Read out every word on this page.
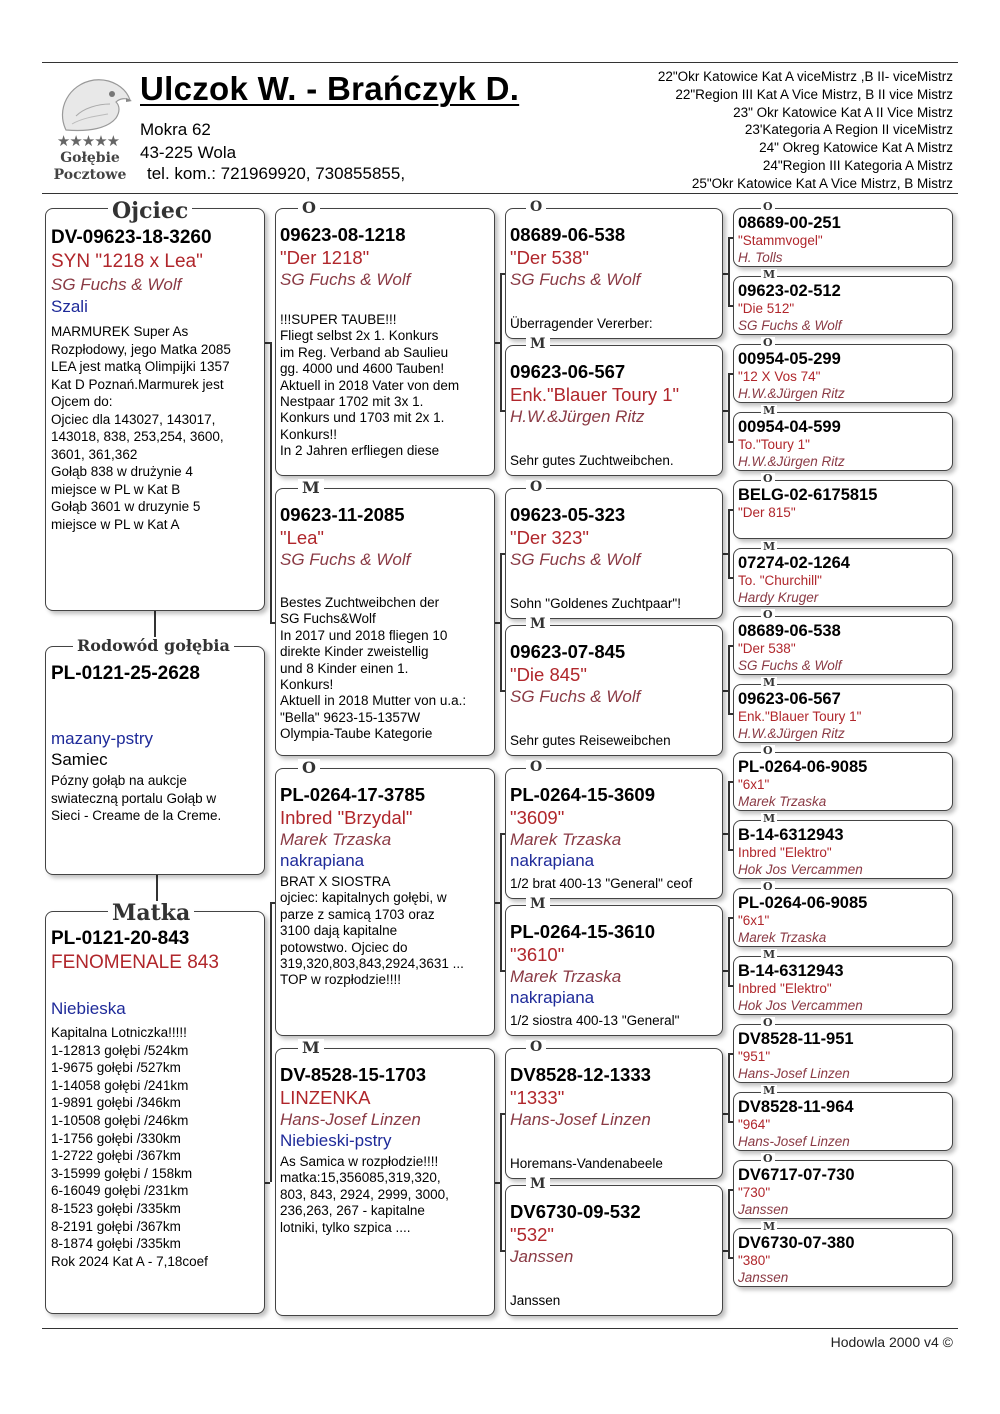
★★★★★
Gołębie
Pocztowe
Ulczok W. - Brańczyk D.
Mokra 62
43-225 Wola
tel. kom.: 721969920, 730855855,
22"Okr Katowice Kat A viceMistrz ,B II- viceMistrz
22"Region III Kat A Vice Mistrz, B II vice Mistrz
23" Okr Katowice Kat A II Vice Mistrz
23'Kategoria A Region II viceMistrz
24" Okreg Katowice Kat A Mistrz
24"Region III Kategoria A Mistrz
25"Okr Katowice Kat A Vice Mistrz, B Mistrz
DV-09623-18-3260
SYN "1218 x Lea"
SG Fuchs & Wolf
Szali
MARMUREK Super As
Rozpłodowy, jego Matka 2085
LEA jest matką Olimpijki 1357
Kat D Poznań.Marmurek jest
Ojcem do:
Ojciec dla 143027, 143017,
143018, 838, 253,254, 3600,
3601, 361,362
Gołąb 838 w drużynie 4
miejsce w PL w Kat B
Gołąb 3601 w druzynie 5
miejsce w PL w Kat A
Ojciec
PL-0121-25-2628
mazany-pstry
Samiec
Pózny gołąb na aukcje
swiateczną portalu Gołąb w
Sieci - Creame de la Creme.
Rodowód gołębia
PL-0121-20-843
FENOMENALE 843
Niebieska
Kapitalna Lotniczka!!!!!
1-12813 gołębi /524km
1-9675 gołębi /527km
1-14058 gołębi /241km
1-9891 gołębi /346km
1-10508 gołębi /246km
1-1756 gołębi /330km
1-2722 gołębi /367km
3-15999 gołębi / 158km
6-16049 gołębi /231km
8-1523 gołębi /335km
8-2191 gołębi /367km
8-1874 gołębi /335km
Rok 2024 Kat A - 7,18coef
Matka
09623-08-1218
"Der 1218"
SG Fuchs & Wolf
!!!SUPER TAUBE!!!
Fliegt selbst 2x 1. Konkurs
im Reg. Verband ab Saulieu
gg. 4000 und 4600 Tauben!
Aktuell in 2018 Vater von dem
Nestpaar 1702 mit 3x 1.
Konkurs und 1703 mit 2x 1.
Konkurs!!
In 2 Jahren erfliegen diese
O
09623-11-2085
"Lea"
SG Fuchs & Wolf
Bestes Zuchtweibchen der
SG Fuchs&Wolf
In 2017 und 2018 fliegen 10
direkte Kinder zweistellig
und 8 Kinder einen 1.
Konkurs!
Aktuell in 2018 Mutter von u.a.:
"Bella" 9623-15-1357W
Olympia-Taube Kategorie
M
PL-0264-17-3785
Inbred "Brzydal"
Marek Trzaska
nakrapiana
BRAT X SIOSTRA
ojciec: kapitalnych gołębi, w
parze z samicą 1703 oraz
3100 dają kapitalne
potowstwo. Ojciec do
319,320,803,843,2924,3631 ...
TOP w rozpłodzie!!!!
O
DV-8528-15-1703
LINZENKA
Hans-Josef Linzen
Niebieski-pstry
As Samica w rozpłodzie!!!!
matka:15,356085,319,320,
803, 843, 2924, 2999, 3000,
236,263, 267 - kapitalne
lotniki, tylko szpica ....
M
08689-06-538
"Der 538"
SG Fuchs & Wolf
Überragender Vererber:
O
09623-06-567
Enk."Blauer Toury 1"
H.W.&Jürgen Ritz
Sehr gutes Zuchtweibchen.
M
09623-05-323
"Der 323"
SG Fuchs & Wolf
Sohn "Goldenes Zuchtpaar"!
O
09623-07-845
"Die 845"
SG Fuchs & Wolf
Sehr gutes Reiseweibchen
M
PL-0264-15-3609
"3609"
Marek Trzaska
nakrapiana
1/2 brat 400-13 "General" ceof
O
PL-0264-15-3610
"3610"
Marek Trzaska
nakrapiana
1/2 siostra 400-13 "General"
M
DV8528-12-1333
"1333"
Hans-Josef Linzen
Horemans-Vandenabeele
O
DV6730-09-532
"532"
Janssen
Janssen
M
08689-00-251
"Stammvogel"
H. Tolls
O
09623-02-512
"Die 512"
SG Fuchs & Wolf
M
00954-05-299
"12 X Vos 74"
H.W.&Jürgen Ritz
O
00954-04-599
To."Toury 1"
H.W.&Jürgen Ritz
M
BELG-02-6175815
"Der 815"
O
07274-02-1264
To. "Churchill"
Hardy Kruger
M
08689-06-538
"Der 538"
SG Fuchs & Wolf
O
09623-06-567
Enk."Blauer Toury 1"
H.W.&Jürgen Ritz
M
PL-0264-06-9085
"6x1"
Marek Trzaska
O
B-14-6312943
Inbred "Elektro"
Hok Jos Vercammen
M
PL-0264-06-9085
"6x1"
Marek Trzaska
O
B-14-6312943
Inbred "Elektro"
Hok Jos Vercammen
M
DV8528-11-951
"951"
Hans-Josef Linzen
O
DV8528-11-964
"964"
Hans-Josef Linzen
M
DV6717-07-730
"730"
Janssen
O
DV6730-07-380
"380"
Janssen
M
Hodowla 2000 v4 ©
